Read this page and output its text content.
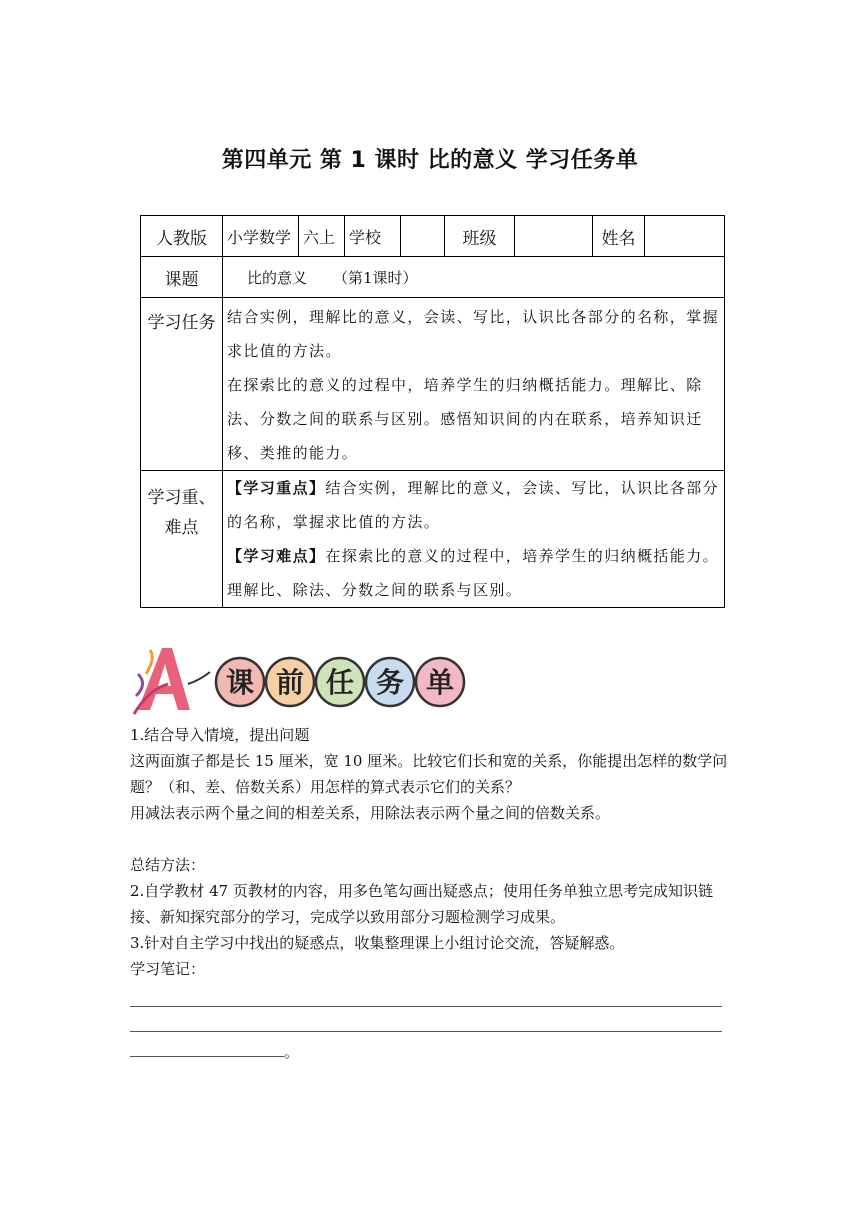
第四单元 第 1 课时 比的意义 学习任务单
人教版	小学数学	六上	学校		班级		姓名	
课题	比的意义 （第1课时）							
学习任务	结合实例，理解比的意义，会读、写比，认识比各部分的名称，掌握求比值的方法。
在探索比的意义的过程中，培养学生的归纳概括能力。理解比、除法、分数之间的联系与区别。感悟知识间的内在联系，培养知识迁移、类推的能力。							

学习重、难点	【学习重点】结合实例，理解比的意义，会读、写比，认识比各部分的名称，掌握求比值的方法。
【学习难点】在探索比的意义的过程中，培养学生的归纳概括能力。理解比、除法、分数之间的联系与区别。							
课 前 任 务 单

1.结合导入情境，提出问题

这两面旗子都是长 15 厘米，宽 10 厘米。比较它们长和宽的关系，你能提出怎样的数学问题？（和、差、倍数关系）用怎样的算式表示它们的关系？

用减法表示两个量之间的相差关系，用除法表示两个量之间的倍数关系。

总结方法：

2.自学教材 47 页教材的内容，用多色笔勾画出疑惑点；使用任务单独立思考完成知识链接、新知探究部分的学习，完成学以致用部分习题检测学习成果。

3.针对自主学习中找出的疑惑点，收集整理课上小组讨论交流，答疑解惑。

学习笔记：

。
